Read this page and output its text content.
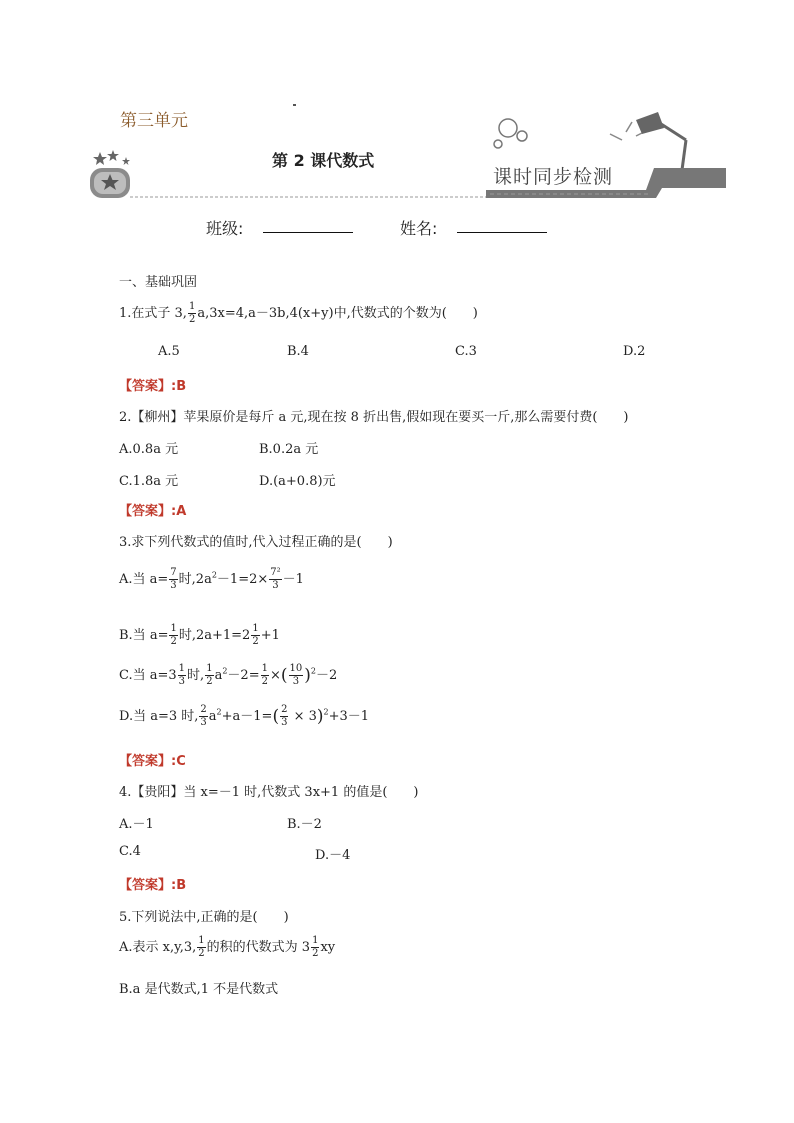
第三单元
第 2 课代数式
课时同步检测
班级:	姓名:
一、基础巩固
1.在式子 3, $\frac{1}{2} a,3x=4,a-3b,4(x+y)$中,代数式的个数为(　　)
A.5	B.4	C.3	D.2
【答案】:B
2.【柳州】苹果原价是每斤 a 元,现在按 8 折出售,假如现在要买一斤,那么需要付费(　　)
A.0.8a 元	B.0.2a 元
C.1.8a 元	D.(a+0.8)元
【答案】:A
3.求下列代数式的值时,代入过程正确的是(　　)
A.当 $a= \frac{7}{3}$ 时$,2a^2-1=2\times \frac{\text{7²}}{3} -1$
B.当 $a= \frac{1}{2}$ 时$,2a+1=2 \frac{1}{2} +1$
C.当 $a=3 \frac{1}{3}$ 时, $\frac{1}{2} a^2-2= \frac{1}{2}$ ×( $\frac{10}{3} )^2-2$
D.当 a=3 时, $\frac{2}{3} a^2+a-1=( \frac{2}{3} \times 3)^2+3-1$
【答案】:C
4.【贵阳】当 x=－1 时,代数式 3x+1 的值是(　　)
A.－1	B.－2
C.4	D.－4
【答案】:B
5.下列说法中,正确的是(　　)
A.表示 x,y,3, $\frac{1}{2}$ 的积的代数式为 $3 \frac{1}{2}$ xy
B.a 是代数式,1 不是代数式
